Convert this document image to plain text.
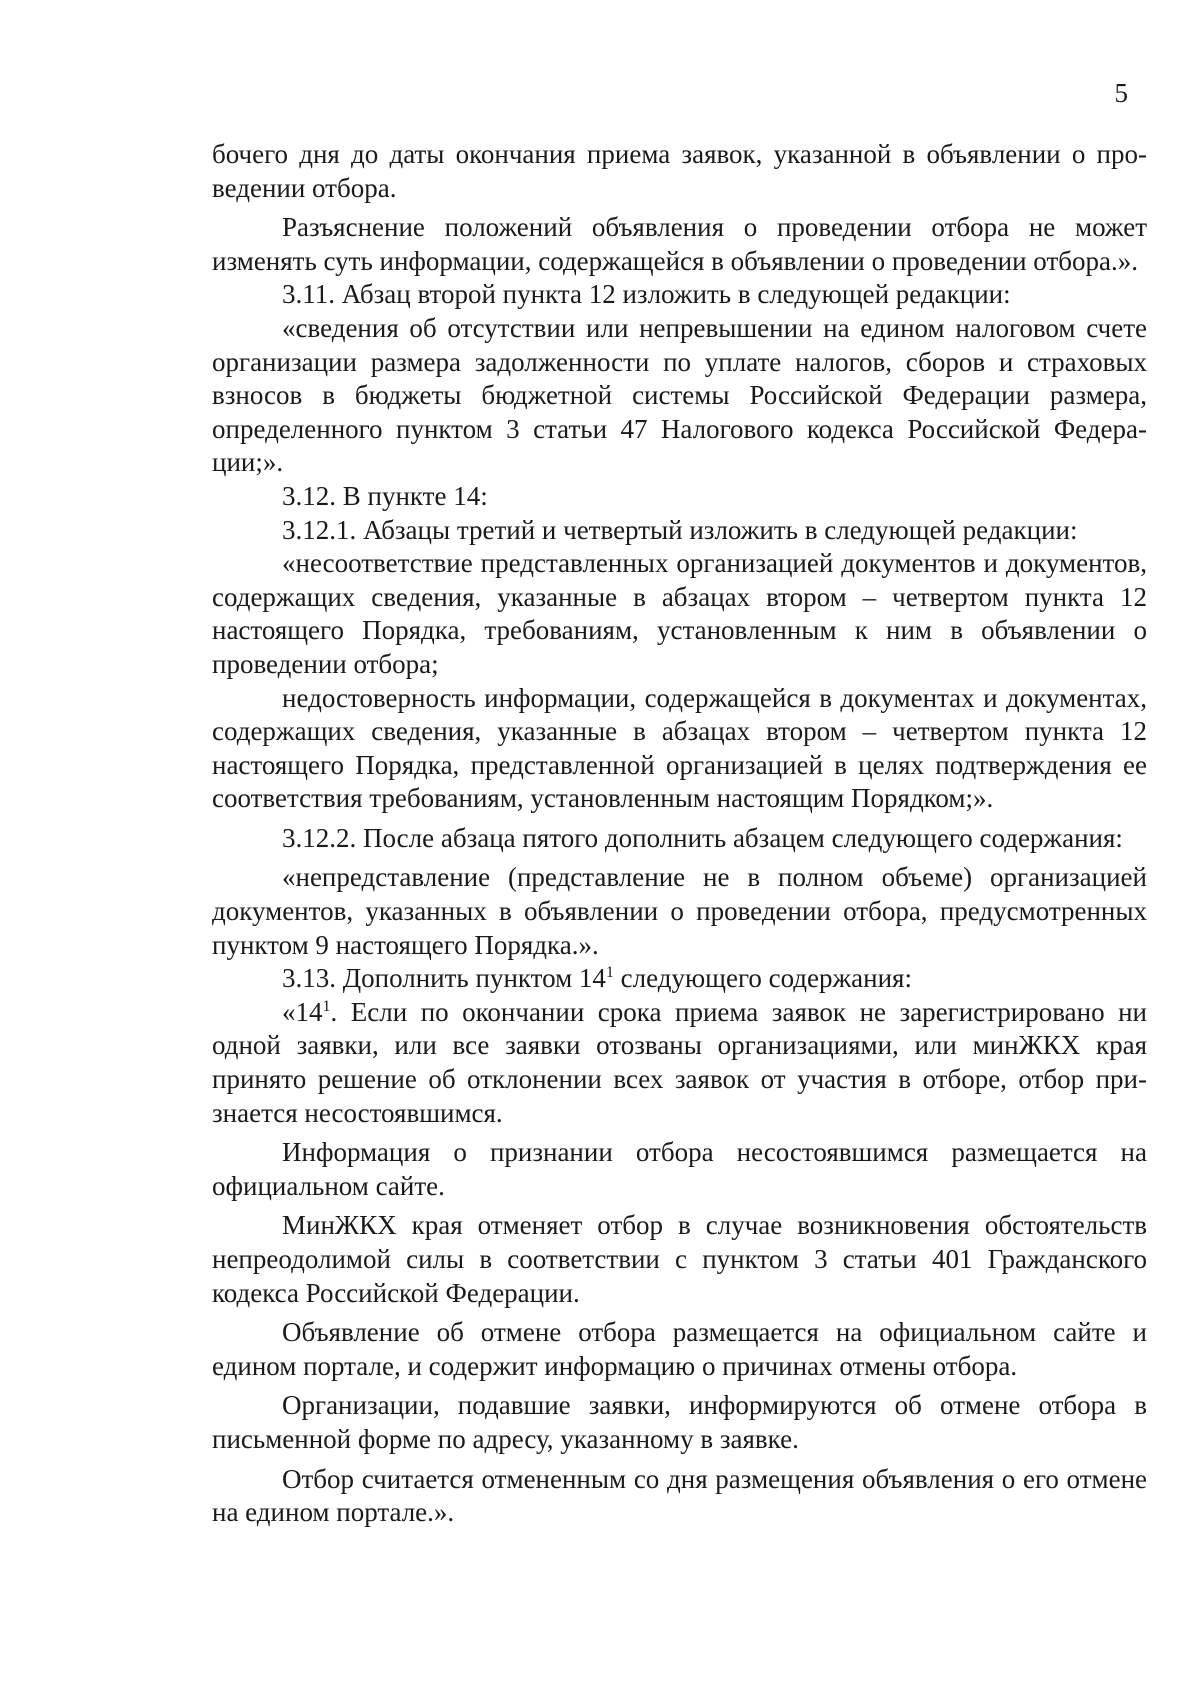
5

бочего дня до даты окончания приема заявок, указанной в объявлении о проведении отбора.

Разъяснение положений объявления о проведении отбора не может изменять суть информации, содержащейся в объявлении о проведении отбора.».

3.11. Абзац второй пункта 12 изложить в следующей редакции:

«сведения об отсутствии или непревышении на едином налоговом счете организации размера задолженности по уплате налогов, сборов и страховых взносов в бюджеты бюджетной системы Российской Федерации размера, определенного пунктом 3 статьи 47 Налогового кодекса Российской Федерации;».

3.12. В пункте 14:

3.12.1. Абзацы третий и четвертый изложить в следующей редакции:

«несоответствие представленных организацией документов и документов, содержащих сведения, указанные в абзацах втором – четвертом пункта 12 настоящего Порядка, требованиям, установленным к ним в объявлении о проведении отбора;

недостоверность информации, содержащейся в документах и документах, содержащих сведения, указанные в абзацах втором – четвертом пункта 12 настоящего Порядка, представленной организацией в целях подтверждения ее соответствия требованиям, установленным настоящим Порядком;».

3.12.2. После абзаца пятого дополнить абзацем следующего содержания:

«непредставление (представление не в полном объеме) организацией документов, указанных в объявлении о проведении отбора, предусмотренных пунктом 9 настоящего Порядка.».

3.13. Дополнить пунктом $14^1$ следующего содержания:

«$14^1$. Если по окончании срока приема заявок не зарегистрировано ни одной заявки, или все заявки отозваны организациями, или минЖКХ края принято решение об отклонении всех заявок от участия в отборе, отбор признается несостоявшимся.

Информация о признании отбора несостоявшимся размещается на официальном сайте.

МинЖКХ края отменяет отбор в случае возникновения обстоятельств непреодолимой силы в соответствии с пунктом 3 статьи 401 Гражданского кодекса Российской Федерации.

Объявление об отмене отбора размещается на официальном сайте и едином портале, и содержит информацию о причинах отмены отбора.

Организации, подавшие заявки, информируются об отмене отбора в письменной форме по адресу, указанному в заявке.

Отбор считается отмененным со дня размещения объявления о его отмене на едином портале.».
